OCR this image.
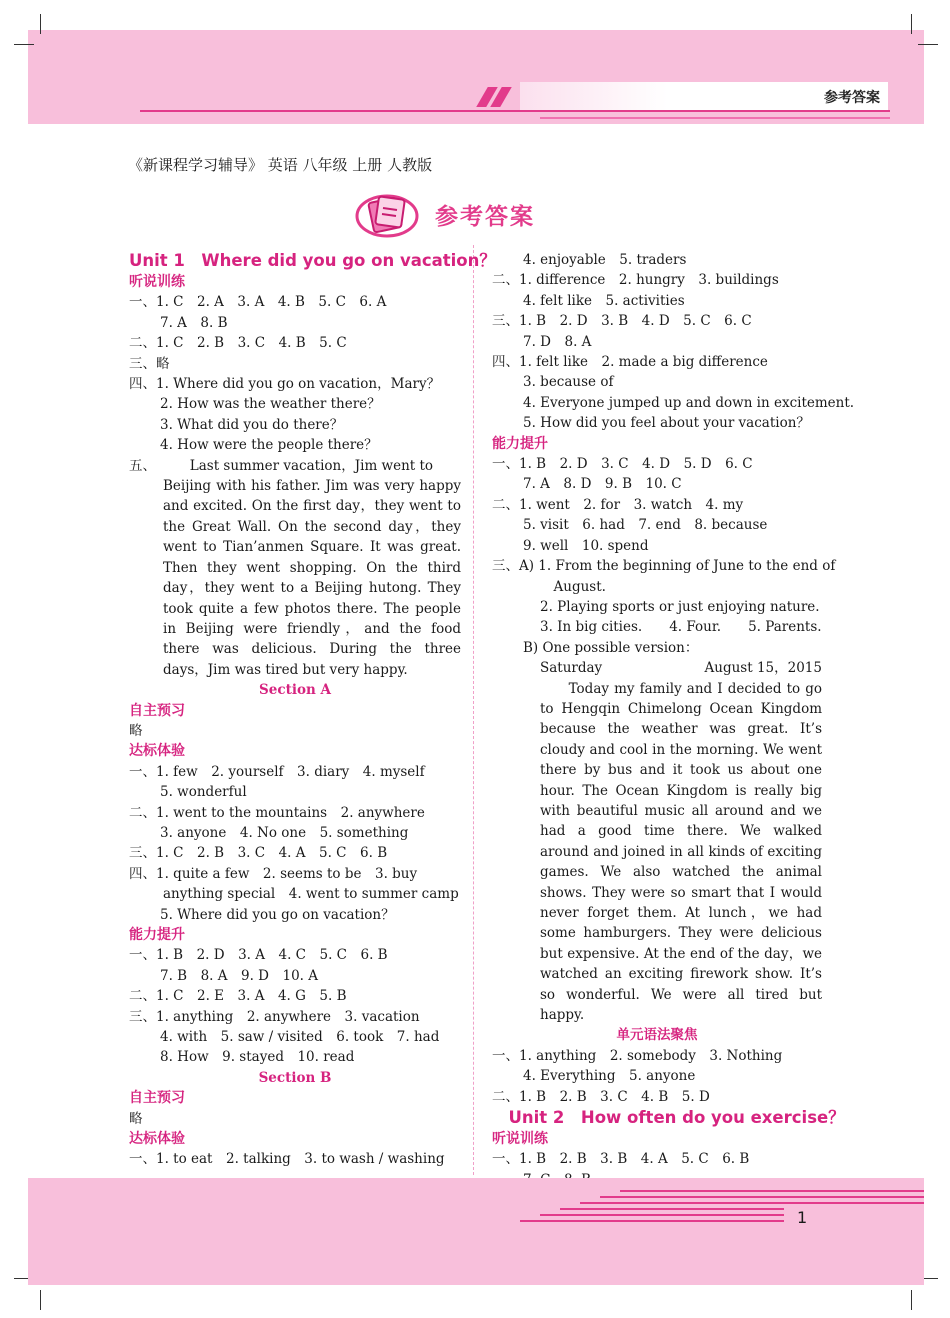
参考答案
《新课程学习辅导》 英语 八年级 上册 人教版
参考答案
Unit 1　Where did you go on vacation？
听说训练
一、1. C　2. A　3. A　4. B　5. C　6. A
7. A　8. B
二、1. C　2. B　3. C　4. B　5. C
三、略
四、1. Where did you go on vacation，Mary？
2. How was the weather there？
3. What did you do there？
4. How were the people there？
五、　　　Last summer vacation，Jim went to
Beijing with his father. Jim was very happy and excited. On the first day，they went to the Great Wall. On the second day，they went to Tian’anmen Square. It was great. Then they went shopping. On the third day，they went to a Beijing hutong. They took quite a few photos there. The people in Beijing were friendly，and the food there was delicious. During the three days，Jim was tired but very happy.
Section A
自主预习
略
达标体验
一、1. few　2. yourself　3. diary　4. myself
5. wonderful
二、1. went to the mountains　2. anywhere
3. anyone　4. No one　5. something
三、1. C　2. B　3. C　4. A　5. C　6. B
四、1. quite a few　2. seems to be　3. buy
anything special　4. went to summer camp
5. Where did you go on vacation？
能力提升
一、1. B　2. D　3. A　4. C　5. C　6. B
7. B　8. A　9. D　10. A
二、1. C　2. E　3. A　4. G　5. B
三、1. anything　2. anywhere　3. vacation
4. with　5. saw / visited　6. took　7. had
8. How　9. stayed　10. read
Section B
自主预习
略
达标体验
一、1. to eat　2. talking　3. to wash / washing
4. enjoyable　5. traders
二、1. difference　2. hungry　3. buildings
4. felt like　5. activities
三、1. B　2. D　3. B　4. D　5. C　6. C
7. D　8. A
四、1. felt like　2. made a big difference
3. because of
4. Everyone jumped up and down in excitement.
5. How did you feel about your vacation？
能力提升
一、1. B　2. D　3. C　4. D　5. D　6. C
7. A　8. D　9. B　10. C
二、1. went　2. for　3. watch　4. my
5. visit　6. had　7. end　8. because
9. well　10. spend
三、A) 1. From the beginning of June to the end of
　August.
2. Playing sports or just enjoying nature.
3. In big cities.　　4. Four.　　5. Parents.
B) One possible version：
Saturday	August 15，2015
　　Today my family and I decided to go to Hengqin Chimelong Ocean Kingdom because the weather was great. It’s cloudy and cool in the morning. We went there by bus and it took us about one hour. The Ocean Kingdom is really big with beautiful music all around and we had a good time there. We walked around and joined in all kinds of exciting games. We also watched the animal shows. They were so smart that I would never forget them. At lunch，we had some hamburgers. They were delicious but expensive. At the end of the day，we watched an exciting firework show. It’s so wonderful. We were all tired but happy.
单元语法聚焦
一、1. anything　2. somebody　3. Nothing
4. Everything　5. anyone
二、1. B　2. B　3. C　4. B　5. D
　Unit 2　How often do you exercise？
听说训练
一、1. B　2. B　3. B　4. A　5. C　6. B
1
